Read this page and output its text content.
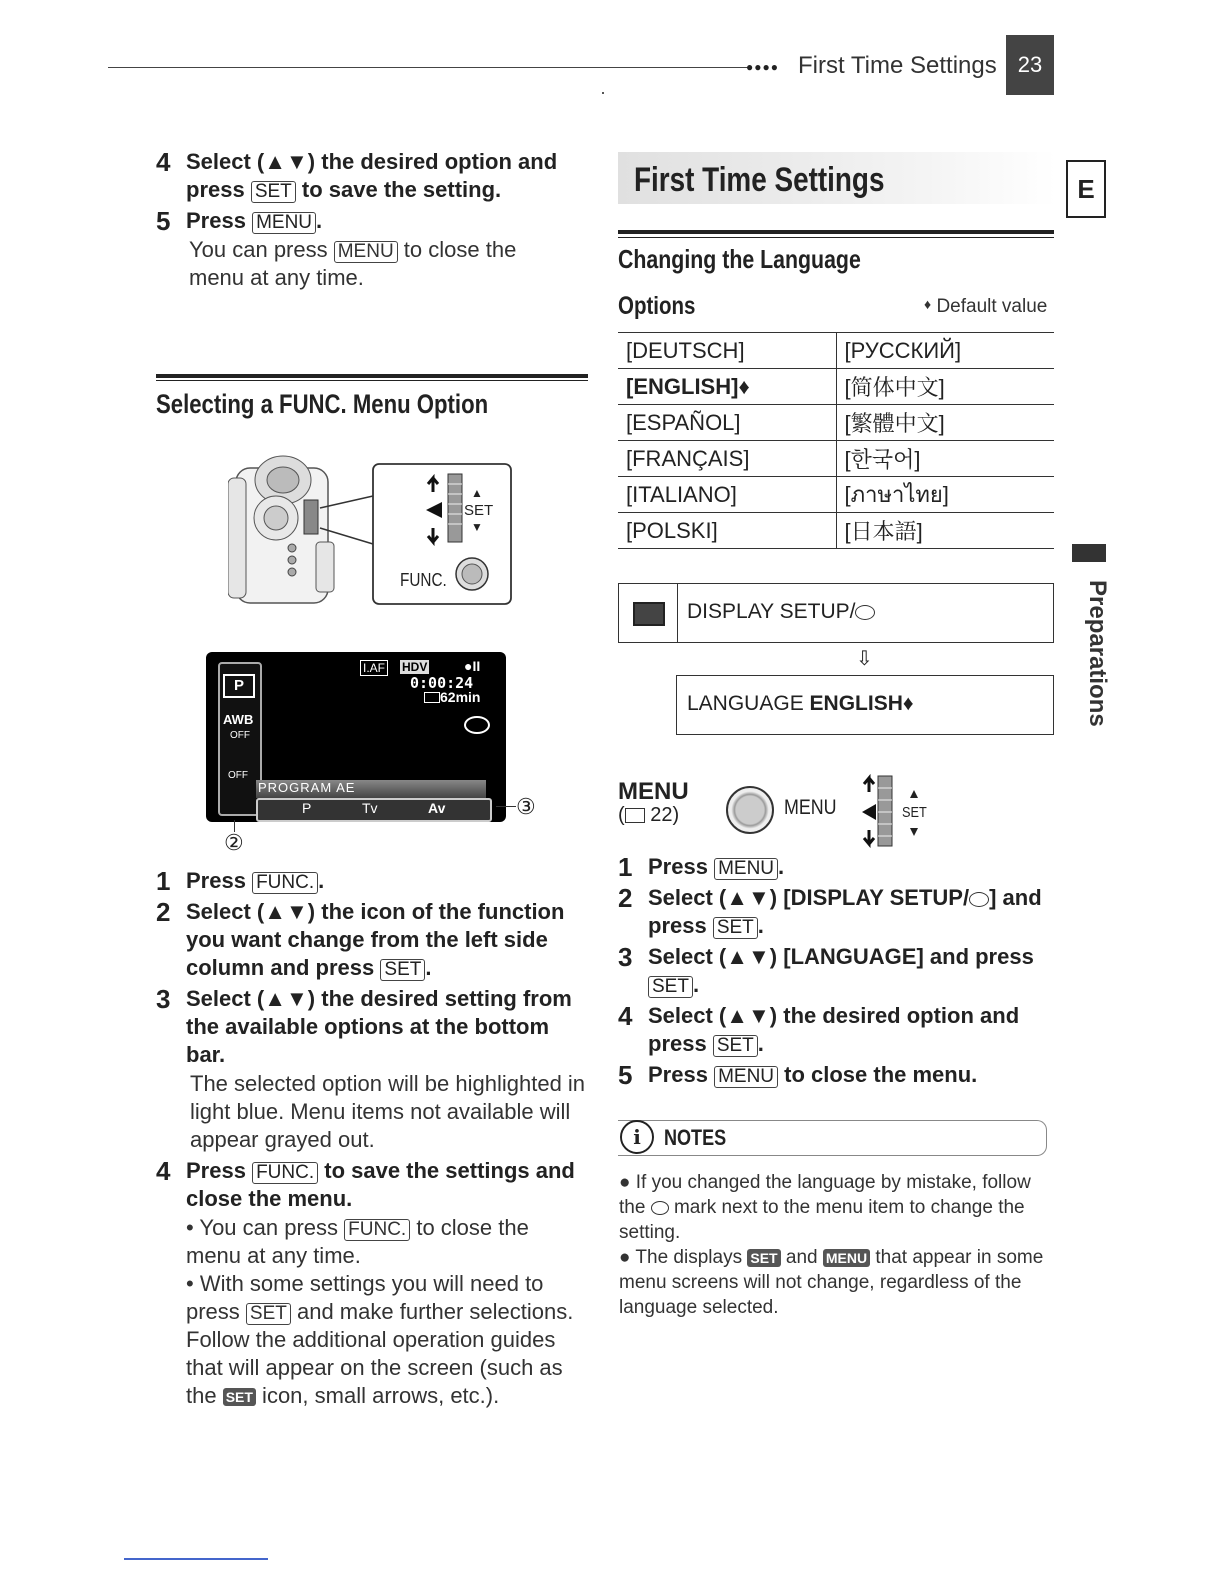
●●●● First Time Settings 23
E
Preparations
4 Select (▲▼) the desired option and press SET to save the setting.
5 Press MENU .
You can press MENU to close the menu at any time.
Selecting a FUNC. Menu Option
▲
SET
▼
FUNC.
P
AWB
OFF
OFF
I.AF HDV	●II
0:00:24
62min
PROGRAM AE
P	Tv	Av	③
②
1 Press FUNC. .
2 Select (▲▼) the icon of the function you want change from the left side column and press SET .
3 Select (▲▼) the desired setting from the available options at the bottom bar.
The selected option will be highlighted in light blue. Menu items not available will appear grayed out.
4 Press FUNC. to save the settings and close the menu.
• You can press FUNC. to close the menu at any time.
• With some settings you will need to press SET and make further selections. Follow the additional operation guides that will appear on the screen (such as the SET icon, small arrows, etc.).
First Time Settings
Changing the Language
Options	♦ Default value
[DEUTSCH]	[РУССКИЙ]
[ENGLISH]♦	[简体中文]
[ESPAÑOL]	[繁體中文]
[FRANÇAIS]	[한국어]
[ITALIANO]	[ภาษาไทย]
[POLSKI]	[日本語]
DISPLAY SETUP/
⇩
LANGUAGE ENGLISH♦
MENU
( 22)	MENU	SET
1 Press MENU .
2 Select (▲▼) [DISPLAY SETUP/ ] and press SET .
3 Select (▲▼) [LANGUAGE] and press SET .
4 Select (▲▼) the desired option and press SET .
5 Press MENU to close the menu.
i	NOTES
● If you changed the language by mistake, follow the  mark next to the menu item to change the setting.
● The displays SET and MENU that appear in some menu screens will not change, regardless of the language selected.
